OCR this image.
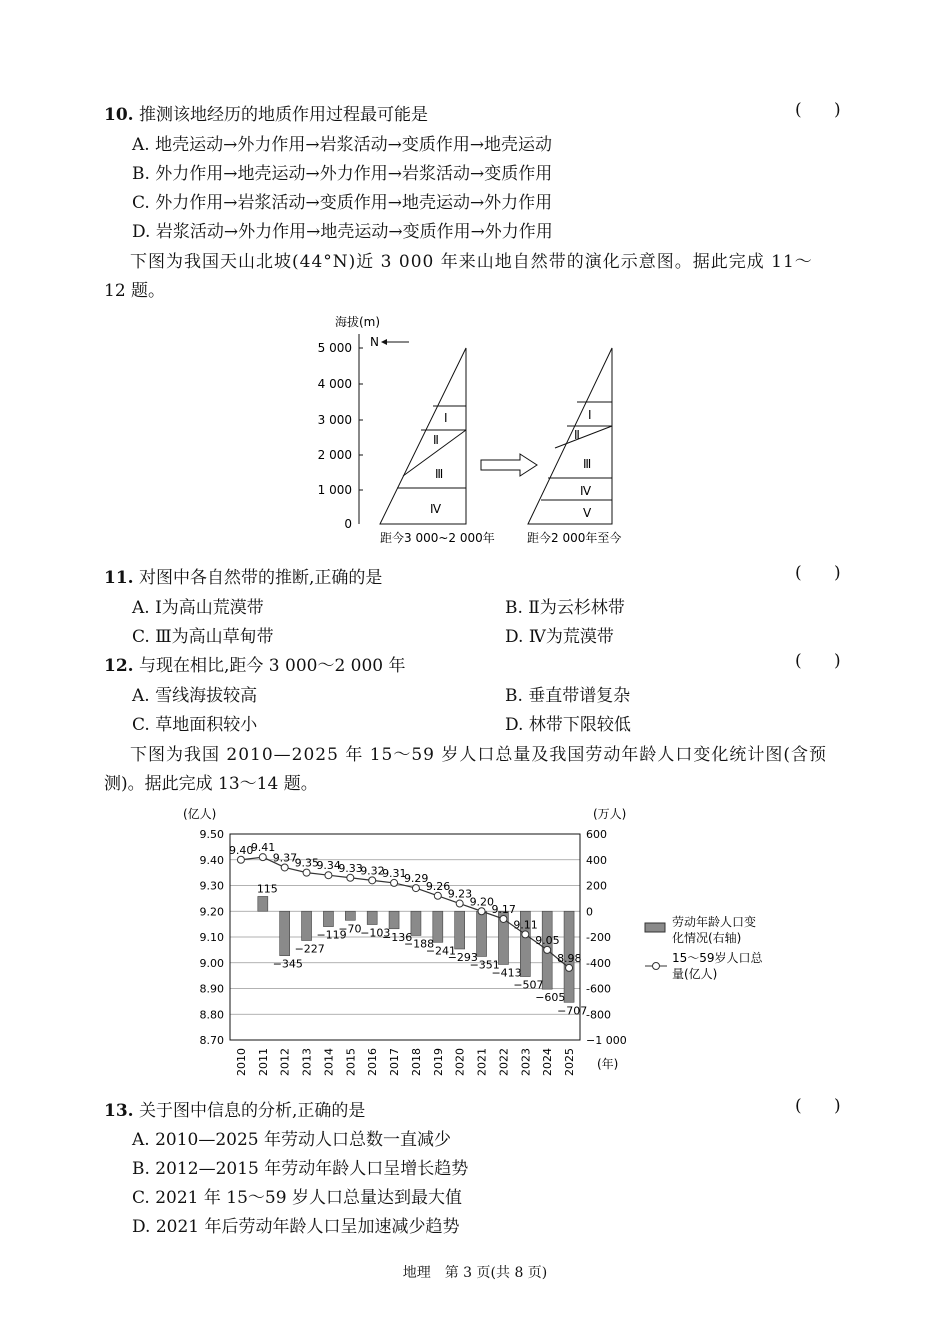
10. 推测该地经历的地质作用过程最可能是	(      )
A. 地壳运动→外力作用→岩浆活动→变质作用→地壳运动
B. 外力作用→地壳运动→外力作用→岩浆活动→变质作用
C. 外力作用→岩浆活动→变质作用→地壳运动→外力作用
D. 岩浆活动→外力作用→地壳运动→变质作用→外力作用
下图为我国天山北坡(44°N)近 3 000 年来山地自然带的演化示意图。据此完成 11～
12 题。
海拔(m)
5 000
4 000
3 000
2 000
1 000
0
N
Ⅰ
Ⅱ
Ⅲ
Ⅳ
距今3 000~2 000年
Ⅰ
Ⅱ
Ⅲ
Ⅳ
Ⅴ
距今2 000年至今
11. 对图中各自然带的推断,正确的是	(      )
A. Ⅰ为高山荒漠带	B. Ⅱ为云杉林带
C. Ⅲ为高山草甸带	D. Ⅳ为荒漠带
12. 与现在相比,距今 3 000～2 000 年	(      )
A. 雪线海拔较高	B. 垂直带谱复杂
C. 草地面积较小	D. 林带下限较低
下图为我国 2010—2025 年 15～59 岁人口总量及我国劳动年龄人口变化统计图(含预
测)。据此完成 13～14 题。
(亿人)	(万人)
115
−345
−227
−119
−70
−103
−136
−188
−241
−293
−351
−413
−507
−605
−707
9.40
9.41
9.37
9.35
9.34
9.33
9.32
9.31
9.29
9.26
9.23
9.20
9.17
9.11
9.05
8.98
9.50	600
9.40	400
9.30	200
9.20	0
9.10	-200
9.00	-400
8.90	-600
8.80	-800
8.70	−1 000
2010 2011 2012 2013 2014 2015 2016 2017 2018 2019 2020 2021 2022 2023 2024 2025 (年)
劳动年龄人口变
化情况(右轴)
15～59岁人口总
量(亿人)
13. 关于图中信息的分析,正确的是	(      )
A. 2010—2025 年劳动人口总数一直减少
B. 2012—2015 年劳动年龄人口呈增长趋势
C. 2021 年 15～59 岁人口总量达到最大值
D. 2021 年后劳动年龄人口呈加速减少趋势
地理　第 3 页(共 8 页)
